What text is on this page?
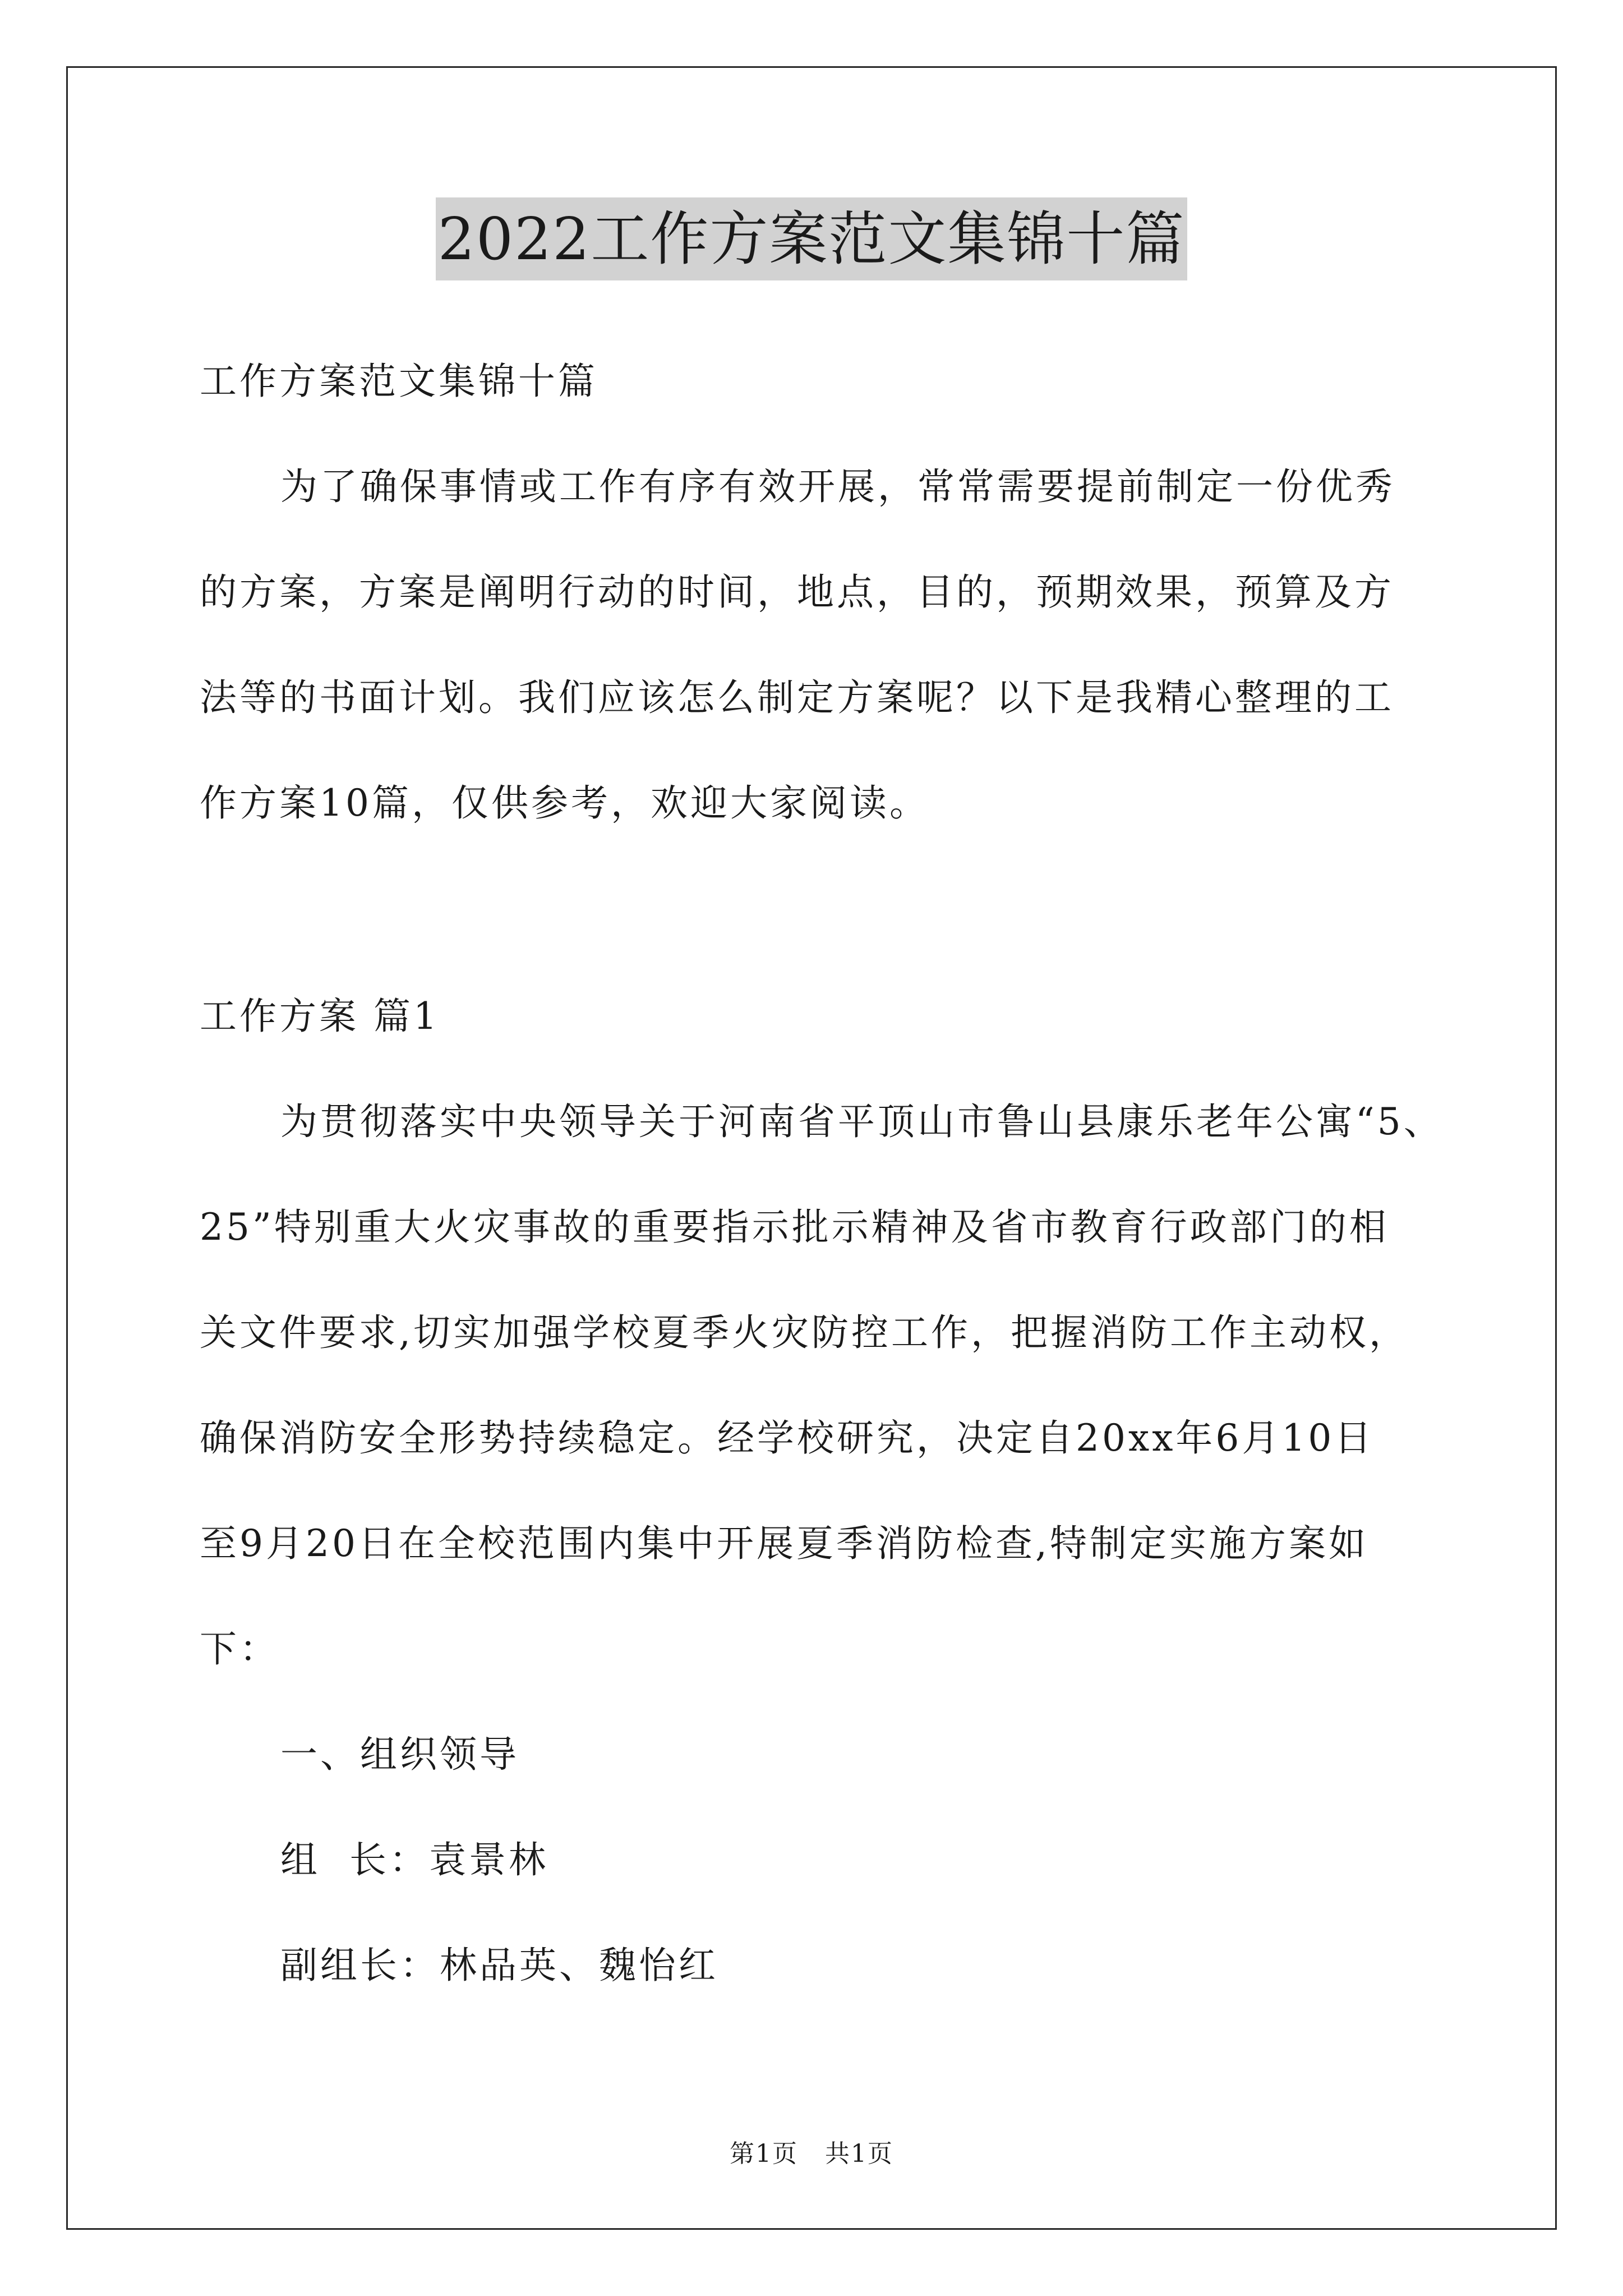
2022工作方案范文集锦十篇
工作方案范文集锦十篇
为了确保事情或工作有序有效开展，常常需要提前制定一份优秀
的方案，方案是阐明行动的时间，地点，目的，预期效果，预算及方
法等的书面计划。我们应该怎么制定方案呢？以下是我精心整理的工
作方案10篇，仅供参考，欢迎大家阅读。
工作方案 篇1
为贯彻落实中央领导关于河南省平顶山市鲁山县康乐老年公寓“5、
25”特别重大火灾事故的重要指示批示精神及省市教育行政部门的相
关文件要求,切实加强学校夏季火灾防控工作，把握消防工作主动权，
确保消防安全形势持续稳定。经学校研究，决定自20xx年6月10日
至9月20日在全校范围内集中开展夏季消防检查,特制定实施方案如
下：
一、组织领导
组  长：袁景林
副组长：林品英、魏怡红
第1页   共1页
